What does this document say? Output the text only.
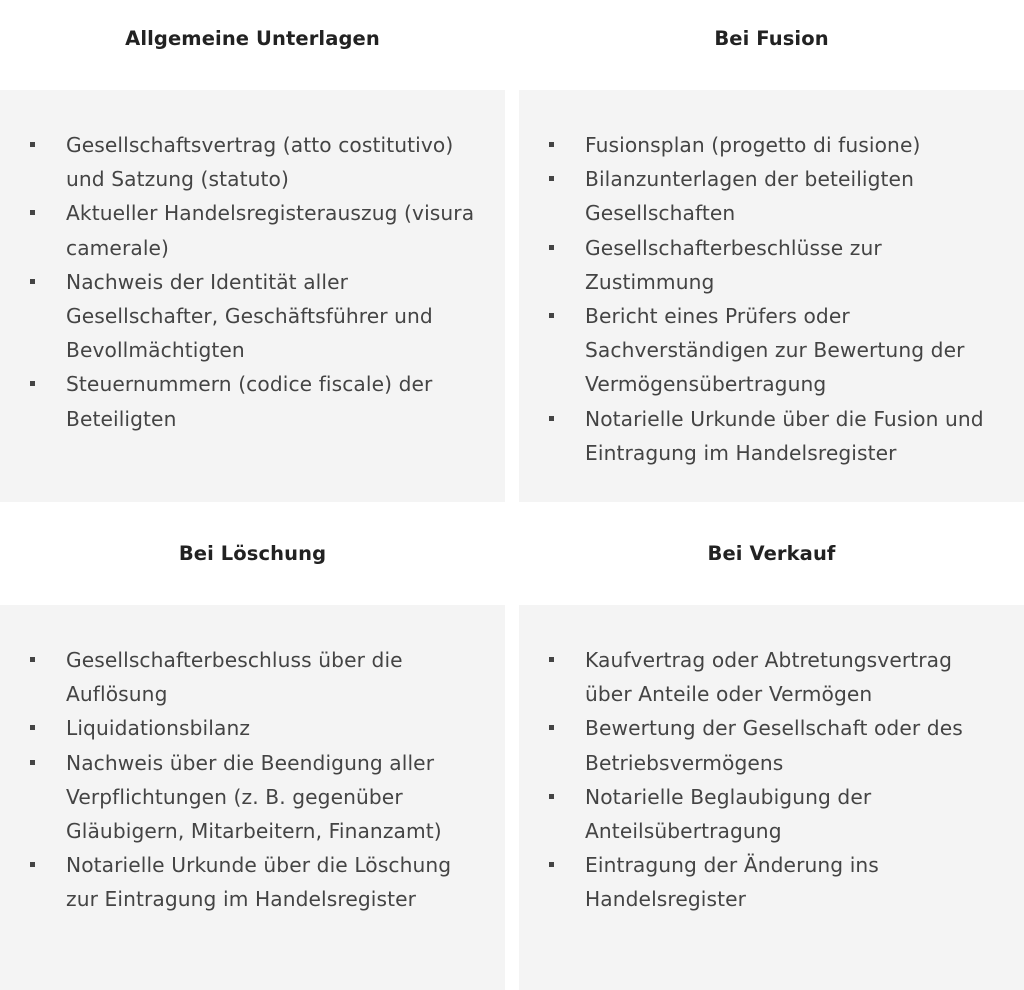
Allgemeine Unterlagen
Gesellschaftsvertrag (atto costitutivo) und Satzung (statuto)
Aktueller Handelsregisterauszug (visura camerale)
Nachweis der Identität aller Gesellschafter, Geschäftsführer und Bevollmächtigten
Steuernummern (codice fiscale) der Beteiligten
Bei Fusion
Fusionsplan (progetto di fusione)
Bilanzunterlagen der beteiligten Gesellschaften
Gesellschafterbeschlüsse zur Zustimmung
Bericht eines Prüfers oder Sachverständigen zur Bewertung der Vermögensübertragung
Notarielle Urkunde über die Fusion und Eintragung im Handelsregister
Bei Löschung
Gesellschafterbeschluss über die Auflösung
Liquidationsbilanz
Nachweis über die Beendigung aller Verpflichtungen (z. B. gegenüber Gläubigern, Mitarbeitern, Finanzamt)
Notarielle Urkunde über die Löschung zur Eintragung im Handelsregister
Bei Verkauf
Kaufvertrag oder Abtretungsvertrag über Anteile oder Vermögen
Bewertung der Gesellschaft oder des Betriebsvermögens
Notarielle Beglaubigung der Anteilsübertragung
Eintragung der Änderung ins Handelsregister
